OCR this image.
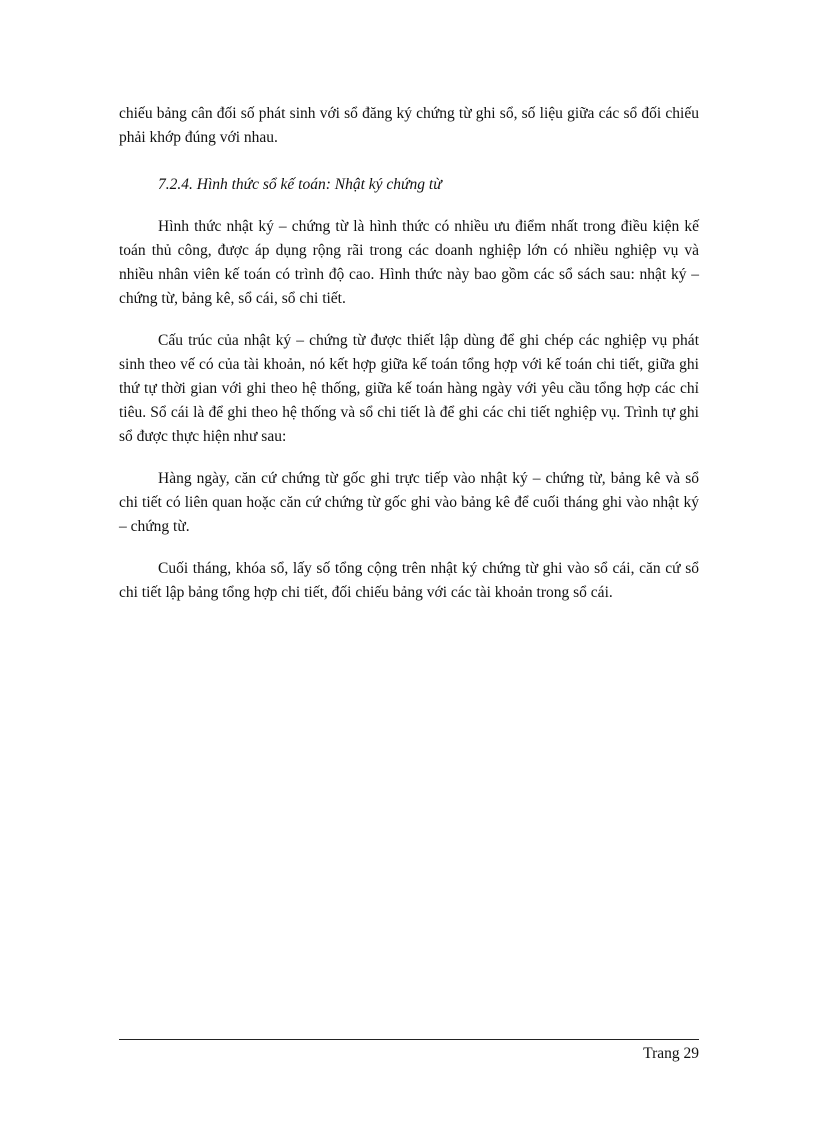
chiếu bảng cân đối số phát sinh với sổ đăng ký chứng từ ghi sổ, số liệu giữa các sổ đối chiếu phải khớp đúng với nhau.

7.2.4. Hình thức sổ kế toán: Nhật ký chứng từ

Hình thức nhật ký – chứng từ là hình thức có nhiều ưu điểm nhất trong điều kiện kế toán thủ công, được áp dụng rộng rãi trong các doanh nghiệp lớn có nhiều nghiệp vụ và nhiều nhân viên kế toán có trình độ cao. Hình thức này bao gồm các sổ sách sau: nhật ký – chứng từ, bảng kê, sổ cái, sổ chi tiết.

Cấu trúc của nhật ký – chứng từ được thiết lập dùng để ghi chép các nghiệp vụ phát sinh theo vế có của tài khoản, nó kết hợp giữa kế toán tổng hợp với kế toán chi tiết, giữa ghi thứ tự thời gian với ghi theo hệ thống, giữa kế toán hàng ngày với yêu cầu tổng hợp các chỉ tiêu. Sổ cái là để ghi theo hệ thống và sổ chi tiết là để ghi các chi tiết nghiệp vụ. Trình tự ghi sổ được thực hiện như sau:

Hàng ngày, căn cứ chứng từ gốc ghi trực tiếp vào nhật ký – chứng từ, bảng kê và sổ chi tiết có liên quan hoặc căn cứ chứng từ gốc ghi vào bảng kê để cuối tháng ghi vào nhật ký – chứng từ.

Cuối tháng, khóa sổ, lấy số tổng cộng trên nhật ký chứng từ ghi vào sổ cái, căn cứ sổ chi tiết lập bảng tổng hợp chi tiết, đối chiếu bảng với các tài khoản trong sổ cái.

Trang 29
